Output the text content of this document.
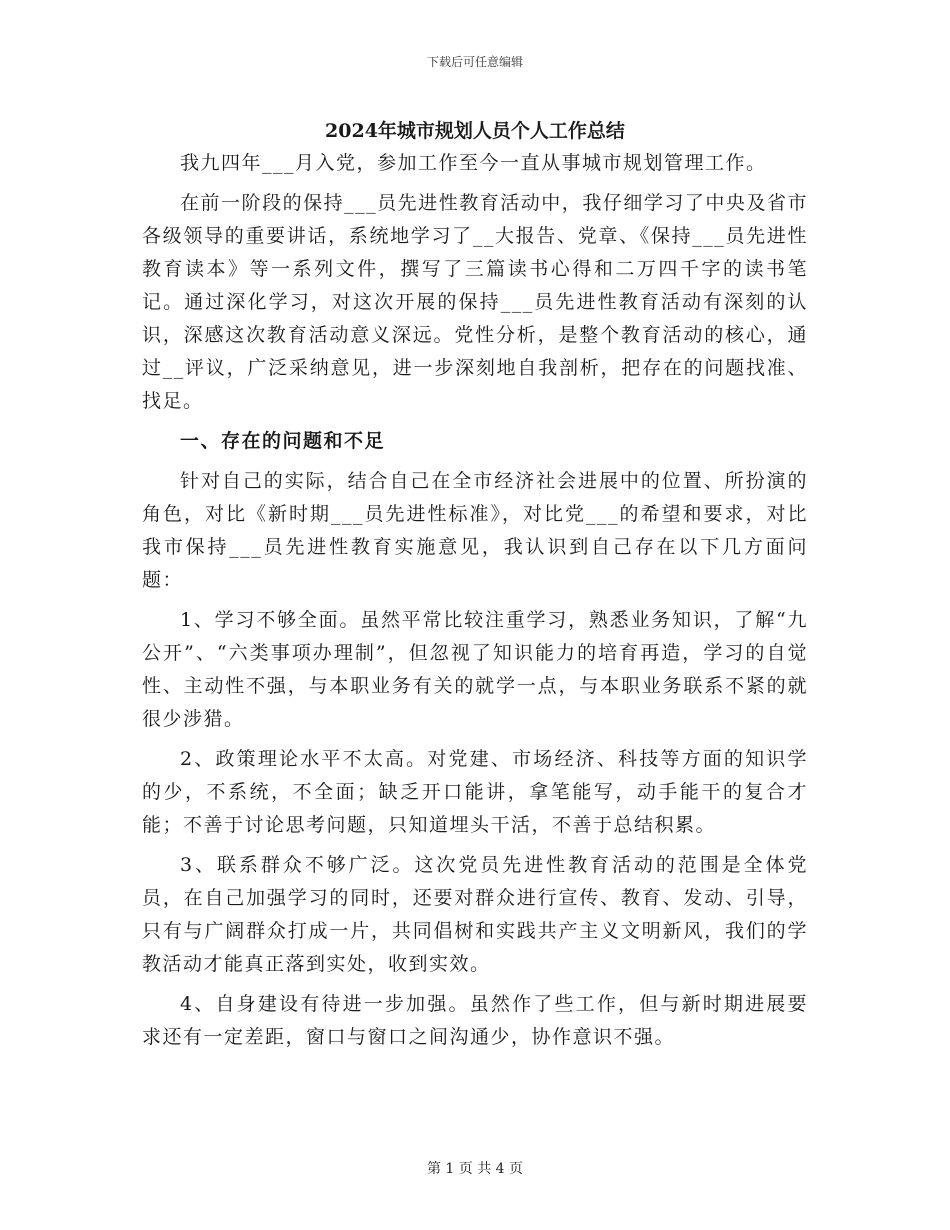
下载后可任意编辑
2024年城市规划人员个人工作总结

我九四年___月入党，参加工作至今一直从事城市规划管理工作。

在前一阶段的保持___员先进性教育活动中，我仔细学习了中央及省市各级领导的重要讲话，系统地学习了__大报告、党章、《保持___员先进性教育读本》等一系列文件，撰写了三篇读书心得和二万四千字的读书笔记。通过深化学习，对这次开展的保持___员先进性教育活动有深刻的认识，深感这次教育活动意义深远。党性分析，是整个教育活动的核心，通过__评议，广泛采纳意见，进一步深刻地自我剖析，把存在的问题找准、找足。

一、存在的问题和不足

针对自己的实际，结合自己在全市经济社会进展中的位置、所扮演的角色，对比《新时期___员先进性标准》，对比党___的希望和要求，对比我市保持___员先进性教育实施意见，我认识到自己存在以下几方面问题：

1、学习不够全面。虽然平常比较注重学习，熟悉业务知识，了解“九公开”、“六类事项办理制”，但忽视了知识能力的培育再造，学习的自觉性、主动性不强，与本职业务有关的就学一点，与本职业务联系不紧的就很少涉猎。

2、政策理论水平不太高。对党建、市场经济、科技等方面的知识学的少，不系统，不全面；缺乏开口能讲，拿笔能写，动手能干的复合才能；不善于讨论思考问题，只知道埋头干活，不善于总结积累。

3、联系群众不够广泛。这次党员先进性教育活动的范围是全体党员，在自己加强学习的同时，还要对群众进行宣传、教育、发动、引导，只有与广阔群众打成一片，共同倡树和实践共产主义文明新风，我们的学教活动才能真正落到实处，收到实效。

4、自身建设有待进一步加强。虽然作了些工作，但与新时期进展要求还有一定差距，窗口与窗口之间沟通少，协作意识不强。

第 1 页 共 4 页
